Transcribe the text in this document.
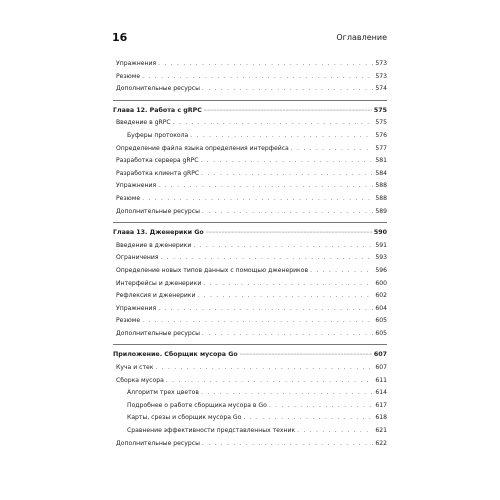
16	Оглавление
Упражнения . . .	573
Резюме . . .	573
Дополнительные ресурсы . . .	574
Глава 12. Работа с gRPC –––––	575
Введение в gRPC . . .	575
Буферы протокола . . .	576
Определение файла языка определения интерфейса . . .	577
Разработка сервера gRPC . . .	581
Разработка клиента gRPC . . .	584
Упражнения . . .	588
Резюме . . .	588
Дополнительные ресурсы . . .	589
Глава 13. Дженерики Go –––––	590
Введение в дженерики . . .	591
Ограничения . . .	593
Определение новых типов данных с помощью дженериков . . .	596
Интерфейсы и дженерики . . .	600
Рефлексия и дженерики . . .	602
Упражнения . . .	604
Резюме . . .	605
Дополнительные ресурсы . . .	605
Приложение. Сборщик мусора Go –––––	607
Куча и стек . . .	607
Сборка мусора . . .	611
Алгоритм трех цветов . . .	614
Подробнее о работе сборщика мусора в Go . . .	617
Карты, срезы и сборщик мусора Go . . .	618
Сравнение эффективности представленных техник . . .	621
Дополнительные ресурсы . . .	622
